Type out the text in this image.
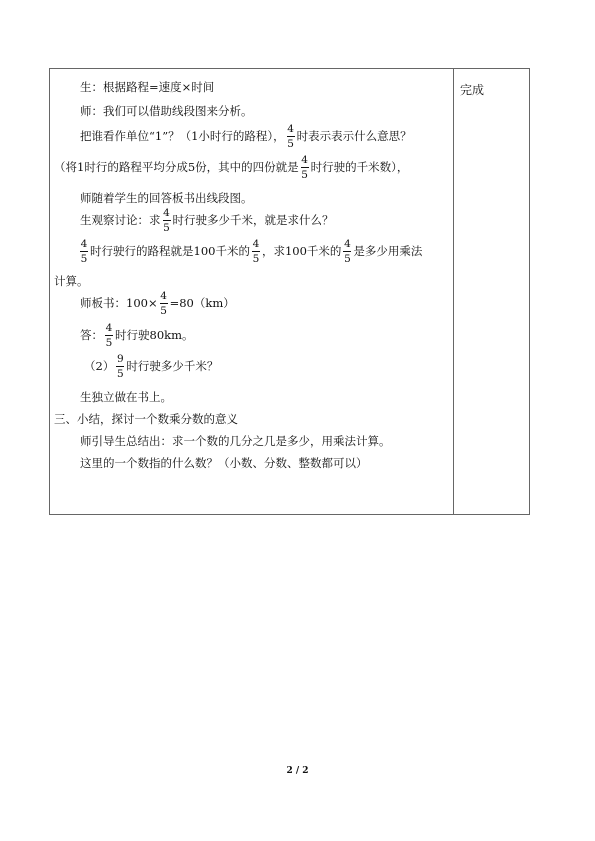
完成
生：根据路程=速度×时间
师：我们可以借助线段图来分析。
把谁看作单位“1”？（1小时行的路程）， $\frac{4}{5}$ 时表示表示什么意思？
（将1时行的路程平均分成5份，其中的四份就是 $\frac{4}{5}$ 时行驶的千米数），
师随着学生的回答板书出线段图。
生观察讨论：求 $\frac{4}{5}$ 时行驶多少千米，就是求什么？
$\frac{4}{5}$ 时行驶行的路程就是100千米的 $\frac{4}{5}$ ，求100千米的 $\frac{4}{5}$ 是多少用乘法
计算。
师板书：$100\times \frac{4}{5} =80(km)$
答： $\frac{4}{5}$ 时行驶80km。
$(2) \frac{9}{5}$ 时行驶多少千米？
生独立做在书上。
三、小结，探讨一个数乘分数的意义
师引导生总结出：求一个数的几分之几是多少，用乘法计算。
这里的一个数指的什么数？（小数、分数、整数都可以）
2 / 2
